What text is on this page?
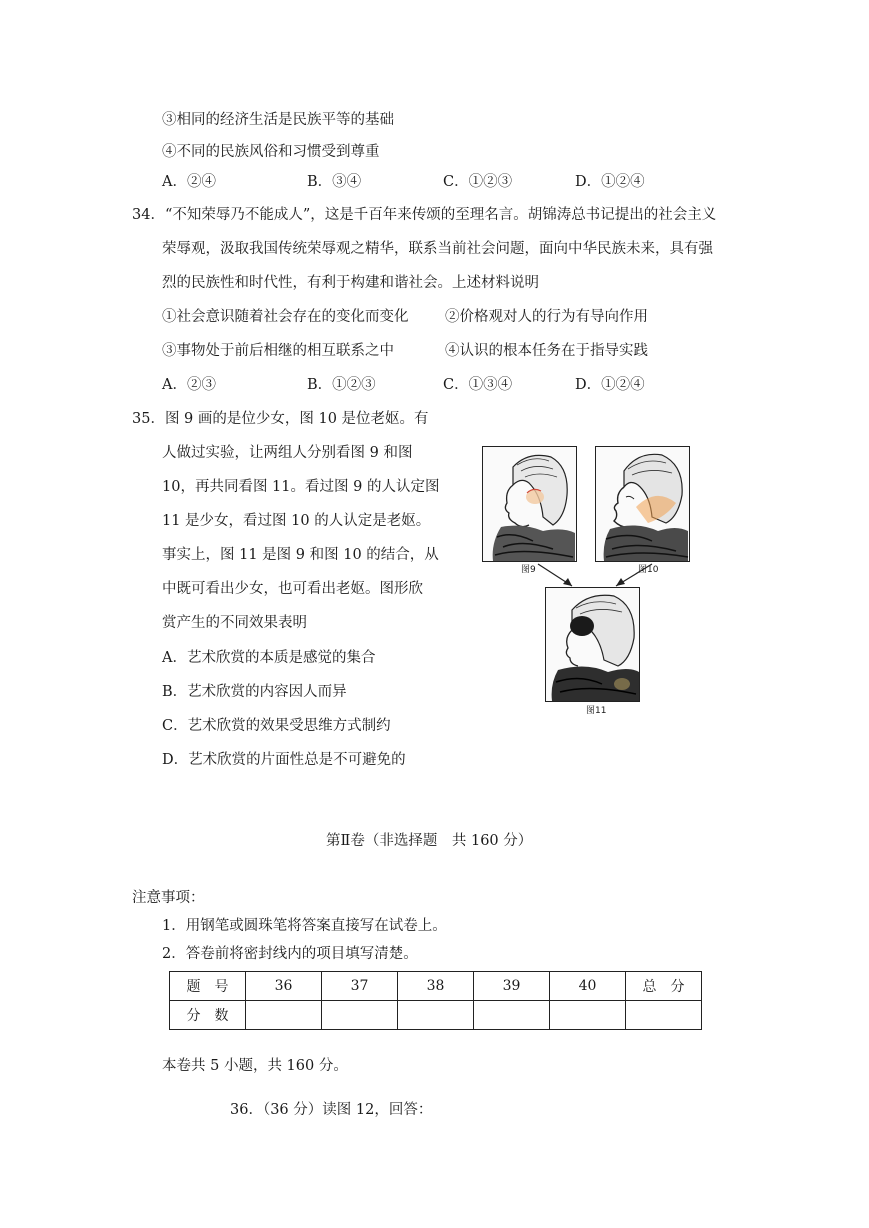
③相同的经济生活是民族平等的基础
④不同的民族风俗和习惯受到尊重
A．②④	B．③④	C．①②③	D．①②④
34．“不知荣辱乃不能成人”，这是千百年来传颂的至理名言。胡锦涛总书记提出的社会主义
荣辱观，汲取我国传统荣辱观之精华，联系当前社会问题，面向中华民族未来，具有强
烈的民族性和时代性，有利于构建和谐社会。上述材料说明
①社会意识随着社会存在的变化而变化	②价格观对人的行为有导向作用
③事物处于前后相继的相互联系之中	④认识的根本任务在于指导实践
A．②③	B．①②③	C．①③④	D．①②④
35．图 9 画的是位少女，图 10 是位老妪。有
人做过实验，让两组人分别看图 9 和图
10，再共同看图 11。看过图 9 的人认定图
11 是少女，看过图 10 的人认定是老妪。
事实上，图 11 是图 9 和图 10 的结合，从
中既可看出少女，也可看出老妪。图形欣
赏产生的不同效果表明
A．艺术欣赏的本质是感觉的集合
B．艺术欣赏的内容因人而异
C．艺术欣赏的效果受思维方式制约
D．艺术欣赏的片面性总是不可避免的
图9	图10
图11
第Ⅱ卷（非选择题　共 160 分）
注意事项：
1．用钢笔或圆珠笔将答案直接写在试卷上。
2．答卷前将密封线内的项目填写清楚。
题　号	36	37	38	39	40	总　分
分　数						
本卷共 5 小题，共 160 分。
36．（36 分）读图 12，回答：
